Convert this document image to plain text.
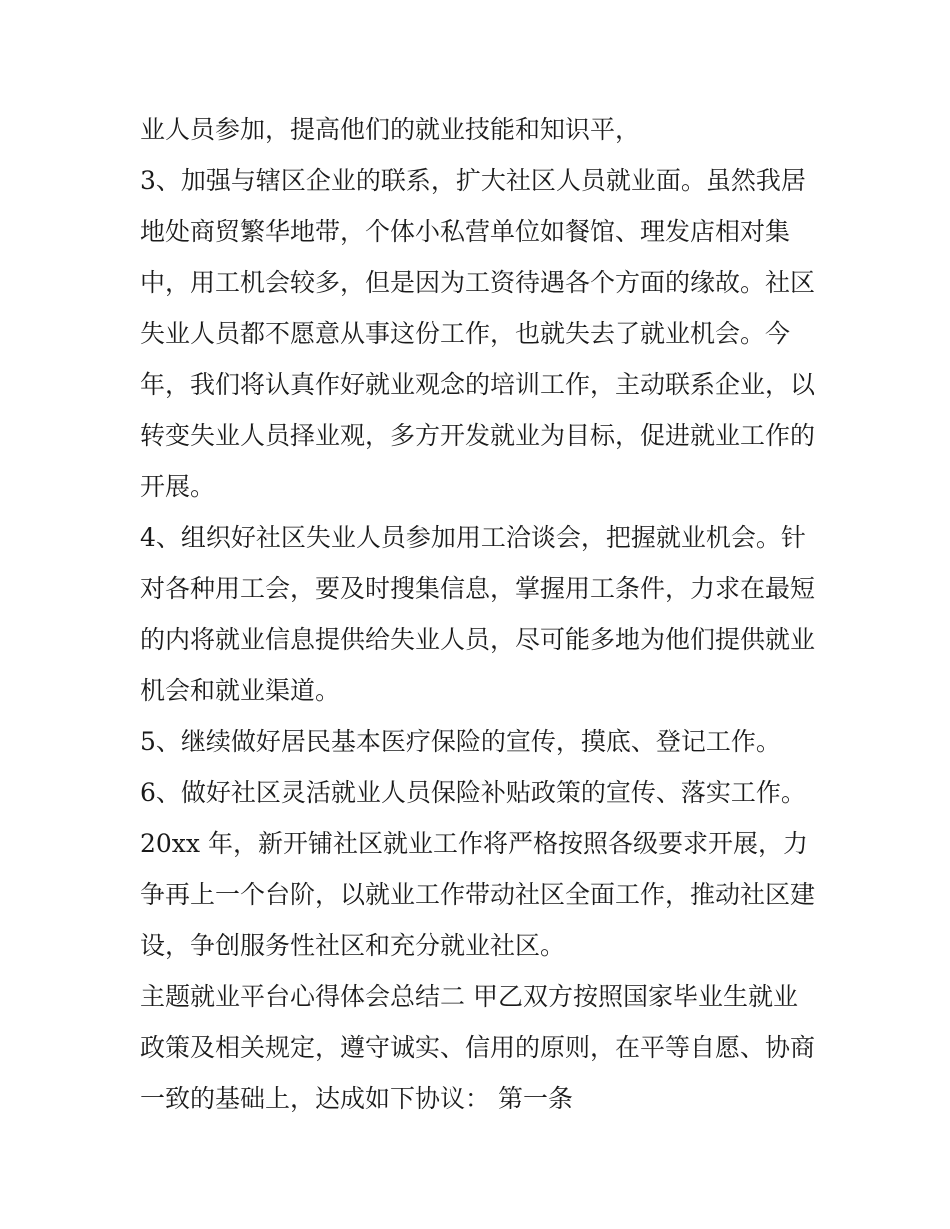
业人员参加，提高他们的就业技能和知识平，

3、加强与辖区企业的联系，扩大社区人员就业面。虽然我居

地处商贸繁华地带，个体小私营单位如餐馆、理发店相对集

中，用工机会较多，但是因为工资待遇各个方面的缘故。社区

失业人员都不愿意从事这份工作，也就失去了就业机会。今

年，我们将认真作好就业观念的培训工作，主动联系企业，以

转变失业人员择业观，多方开发就业为目标，促进就业工作的

开展。

4、组织好社区失业人员参加用工洽谈会，把握就业机会。针

对各种用工会，要及时搜集信息，掌握用工条件，力求在最短

的内将就业信息提供给失业人员，尽可能多地为他们提供就业

机会和就业渠道。

5、继续做好居民基本医疗保险的宣传，摸底、登记工作。

6、做好社区灵活就业人员保险补贴政策的宣传、落实工作。

20xx 年，新开铺社区就业工作将严格按照各级要求开展，力

争再上一个台阶，以就业工作带动社区全面工作，推动社区建

设，争创服务性社区和充分就业社区。

主题就业平台心得体会总结二 甲乙双方按照国家毕业生就业

政策及相关规定，遵守诚实、信用的原则，在平等自愿、协商

一致的基础上，达成如下协议： 第一条
